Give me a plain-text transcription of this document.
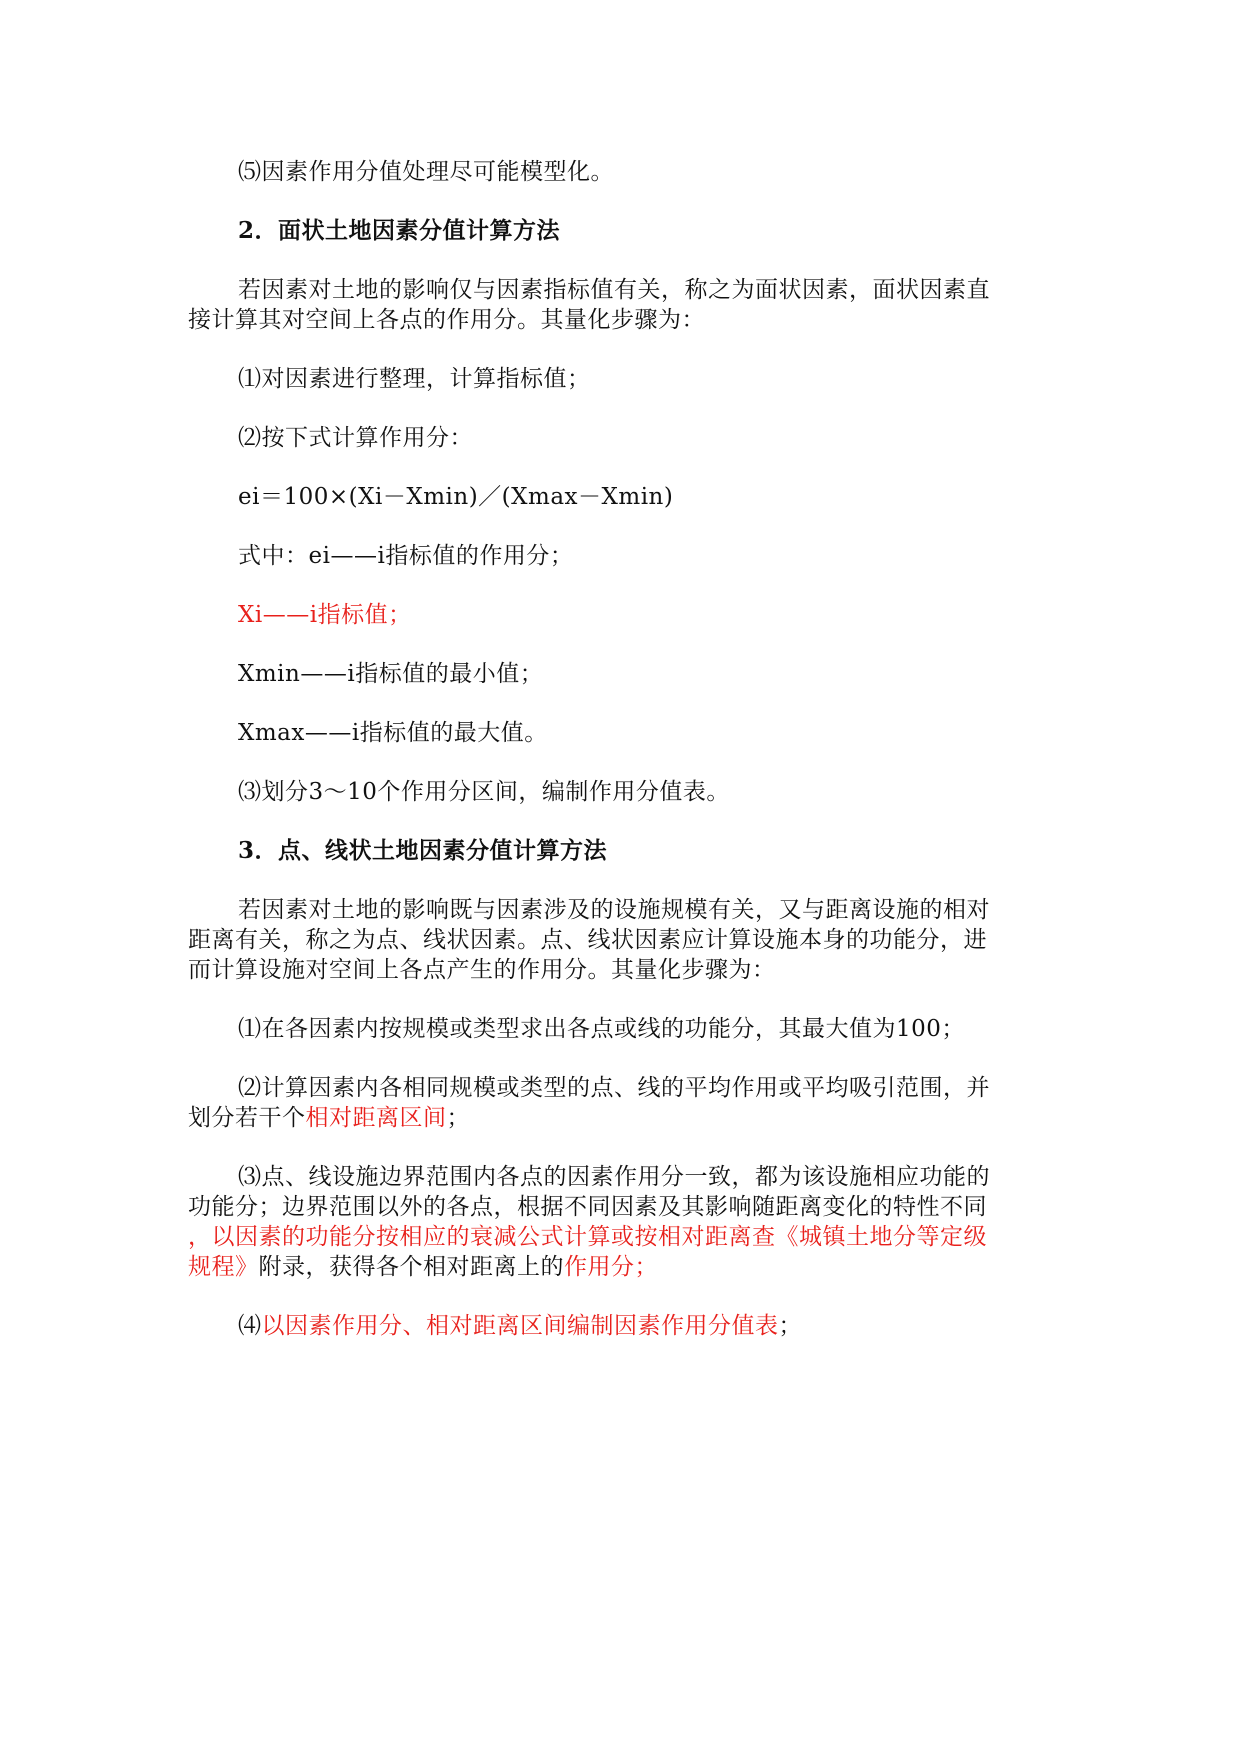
⑸因素作用分值处理尽可能模型化。
2．面状土地因素分值计算方法
若因素对土地的影响仅与因素指标值有关，称之为面状因素，面状因素直
接计算其对空间上各点的作用分。其量化步骤为：
⑴对因素进行整理，计算指标值；
⑵按下式计算作用分：
ei＝100×(Xi－Xmin)／(Xmax－Xmin)
式中：ei——i指标值的作用分；
Xi——i指标值；
Xmin——i指标值的最小值；
Xmax——i指标值的最大值。
⑶划分3～10个作用分区间，编制作用分值表。
3．点、线状土地因素分值计算方法
若因素对土地的影响既与因素涉及的设施规模有关，又与距离设施的相对
距离有关，称之为点、线状因素。点、线状因素应计算设施本身的功能分，进
而计算设施对空间上各点产生的作用分。其量化步骤为：
⑴在各因素内按规模或类型求出各点或线的功能分，其最大值为100；
⑵计算因素内各相同规模或类型的点、线的平均作用或平均吸引范围，并
划分若干个相对距离区间；
⑶点、线设施边界范围内各点的因素作用分一致，都为该设施相应功能的
功能分；边界范围以外的各点，根据不同因素及其影响随距离变化的特性不同
，以因素的功能分按相应的衰减公式计算或按相对距离查《城镇土地分等定级
规程》附录，获得各个相对距离上的作用分；
⑷以因素作用分、相对距离区间编制因素作用分值表；
